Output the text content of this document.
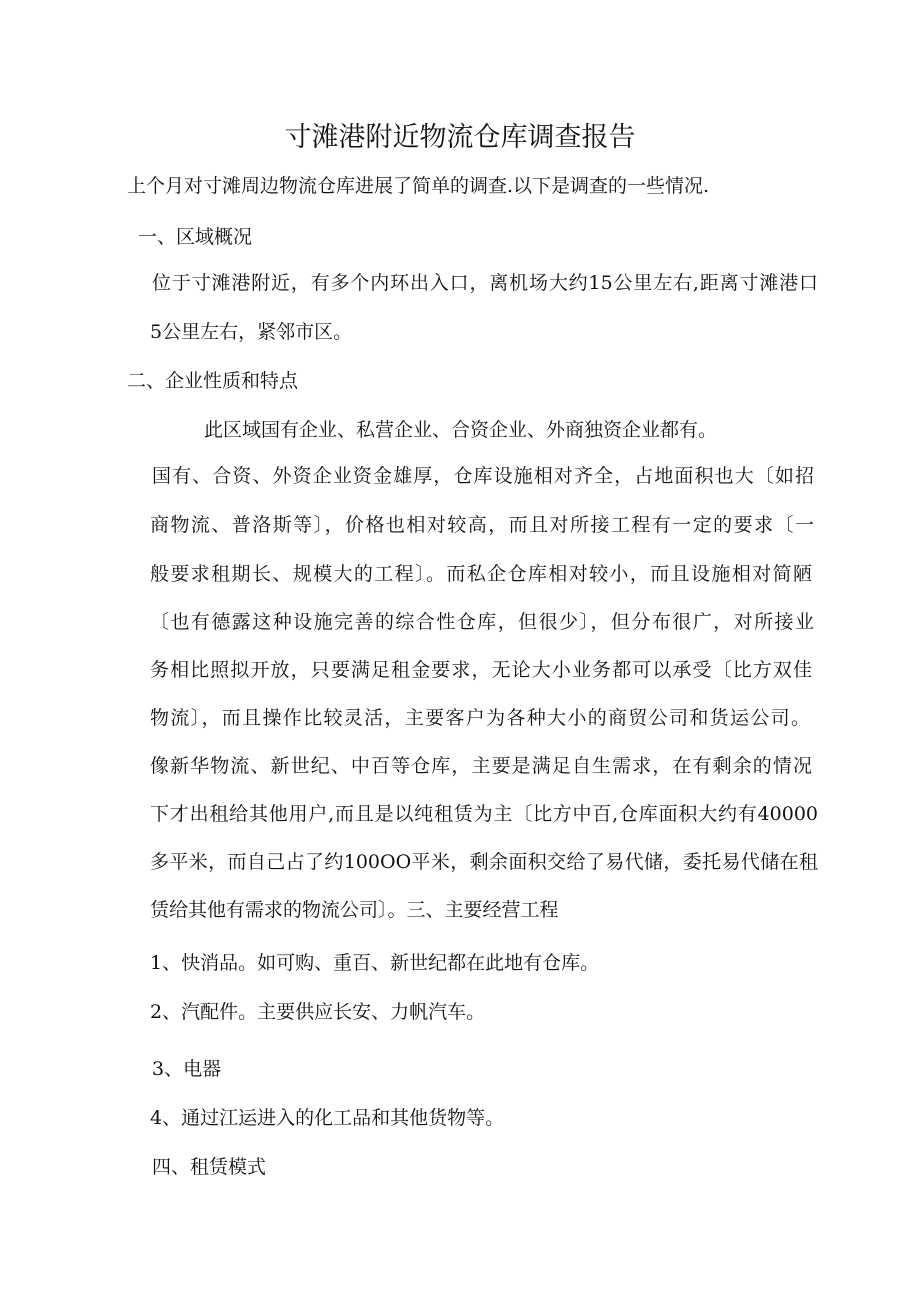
寸滩港附近物流仓库调查报告
上个月对寸滩周边物流仓库进展了简单的调查.以下是调查的一些情况.
一、区域概况
位于寸滩港附近，有多个内环出入口，离机场大约15公里左右,距离寸滩港口
5公里左右，紧邻市区。
二、企业性质和特点
此区域国有企业、私营企业、合资企业、外商独资企业都有。
国有、合资、外资企业资金雄厚，仓库设施相对齐全，占地面积也大〔如招
商物流、普洛斯等〕，价格也相对较高，而且对所接工程有一定的要求〔一
般要求租期长、规模大的工程〕。而私企仓库相对较小，而且设施相对简陋
〔也有德露这种设施完善的综合性仓库，但很少〕，但分布很广，对所接业
务相比照拟开放，只要满足租金要求，无论大小业务都可以承受〔比方双佳
物流〕，而且操作比较灵活，主要客户为各种大小的商贸公司和货运公司。
像新华物流、新世纪、中百等仓库，主要是满足自生需求，在有剩余的情况
下才出租给其他用户,而且是以纯租赁为主〔比方中百,仓库面积大约有40000
多平米，而自己占了约100OO平米，剩余面积交给了易代储，委托易代储在租
赁给其他有需求的物流公司〕。三、主要经营工程
1、快消品。如可购、重百、新世纪都在此地有仓库。
2、汽配件。主要供应长安、力帆汽车。
3、电器
4、通过江运进入的化工品和其他货物等。
四、租赁模式
